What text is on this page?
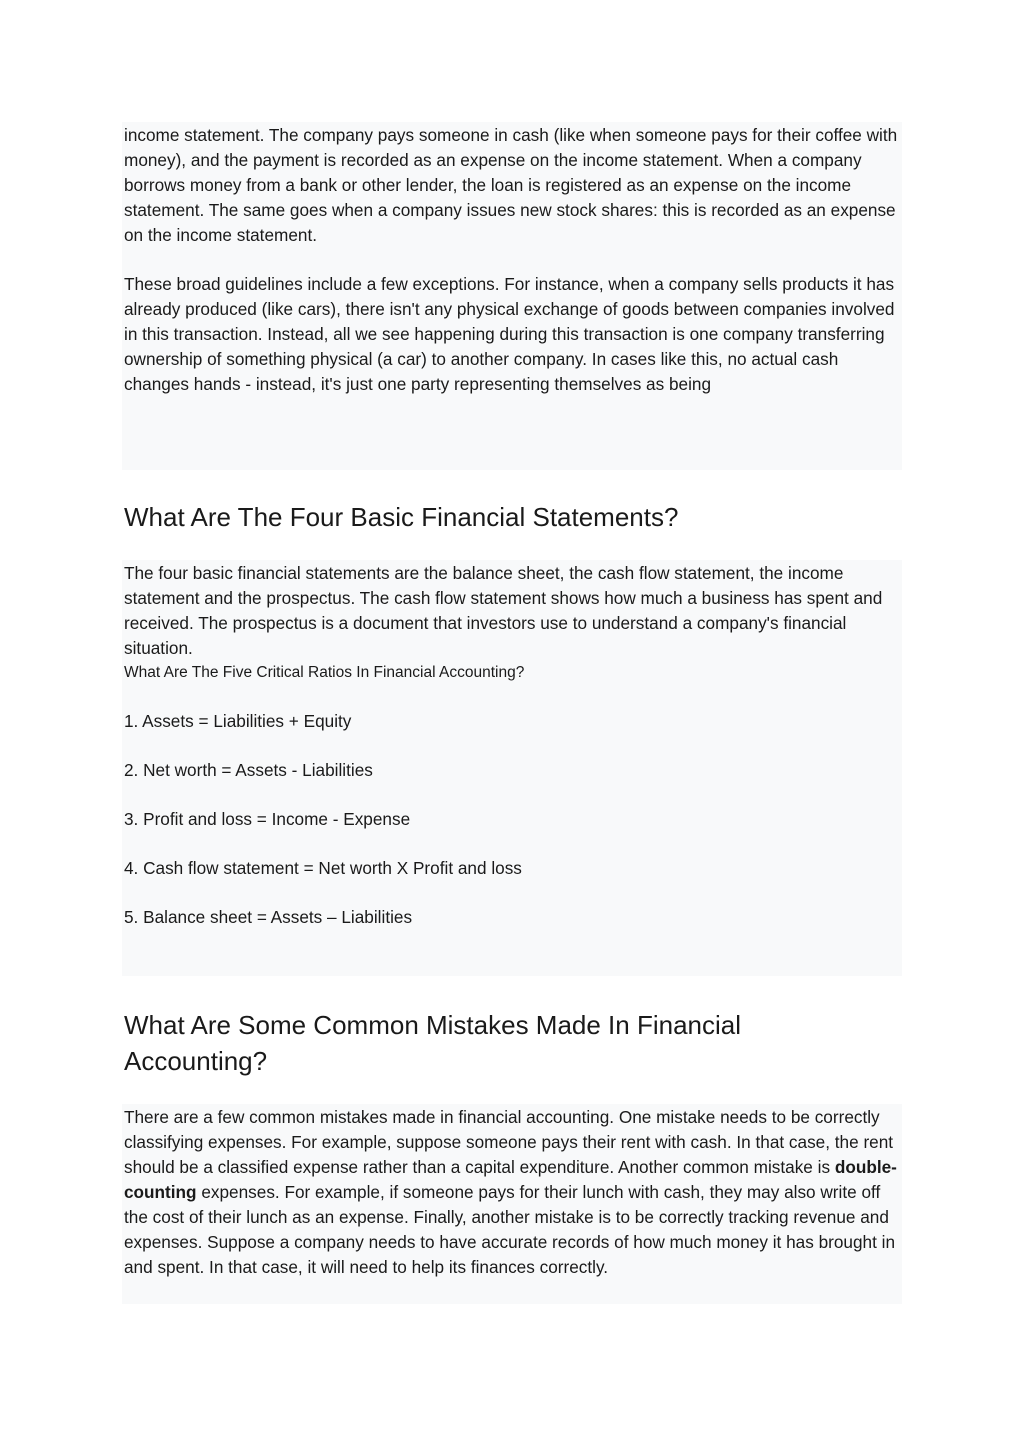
income statement. The company pays someone in cash (like when someone pays for their coffee with money), and the payment is recorded as an expense on the income statement. When a company borrows money from a bank or other lender, the loan is registered as an expense on the income statement. The same goes when a company issues new stock shares: this is recorded as an expense on the income statement.

These broad guidelines include a few exceptions. For instance, when a company sells products it has already produced (like cars), there isn't any physical exchange of goods between companies involved in this transaction. Instead, all we see happening during this transaction is one company transferring ownership of something physical (a car) to another company. In cases like this, no actual cash changes hands - instead, it's just one party representing themselves as being

What Are The Four Basic Financial Statements?

The four basic financial statements are the balance sheet, the cash flow statement, the income statement and the prospectus. The cash flow statement shows how much a business has spent and received. The prospectus is a document that investors use to understand a company's financial situation.

What Are The Five Critical Ratios In Financial Accounting?

1. Assets = Liabilities + Equity

2. Net worth = Assets - Liabilities

3. Profit and loss = Income - Expense

4. Cash flow statement = Net worth X Profit and loss

5. Balance sheet = Assets – Liabilities

What Are Some Common Mistakes Made In Financial Accounting?

There are a few common mistakes made in financial accounting. One mistake needs to be correctly classifying expenses. For example, suppose someone pays their rent with cash. In that case, the rent should be a classified expense rather than a capital expenditure. Another common mistake is double-counting expenses. For example, if someone pays for their lunch with cash, they may also write off the cost of their lunch as an expense. Finally, another mistake is to be correctly tracking revenue and expenses. Suppose a company needs to have accurate records of how much money it has brought in and spent. In that case, it will need to help its finances correctly.
